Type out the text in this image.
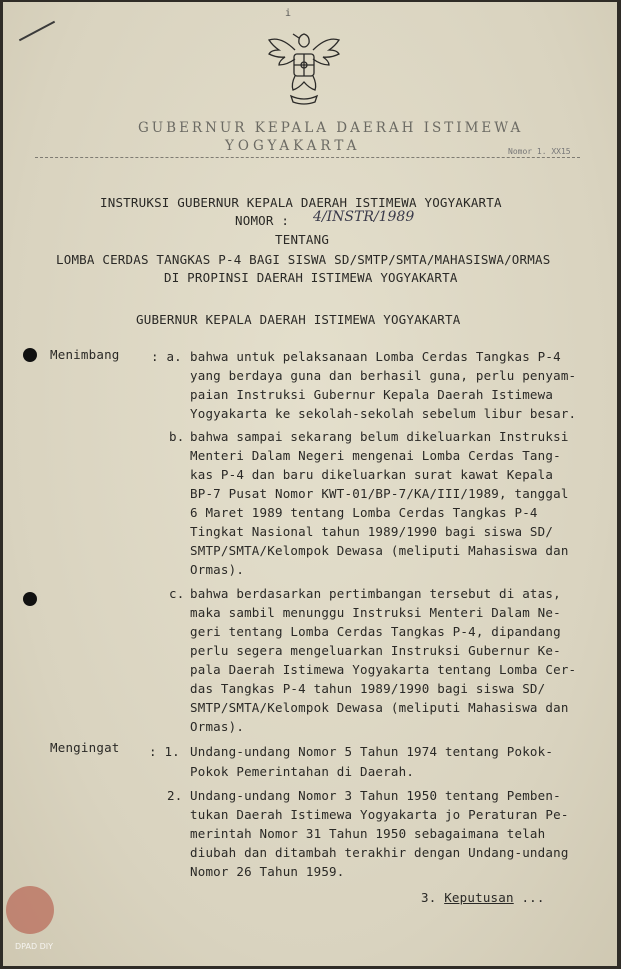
i
GUBERNUR KEPALA DAERAH ISTIMEWA
YOGYAKARTA	Nomor 1. XX15
INSTRUKSI GUBERNUR KEPALA DAERAH ISTIMEWA YOGYAKARTA
NOMOR : 4/INSTR/1989
TENTANG
LOMBA CERDAS TANGKAS P-4 BAGI SISWA SD/SMTP/SMTA/MAHASISWA/ORMAS
DI PROPINSI DAERAH ISTIMEWA YOGYAKARTA
GUBERNUR KEPALA DAERAH ISTIMEWA YOGYAKARTA
Menimbang	: a. bahwa untuk pelaksanaan Lomba Cerdas Tangkas P-4
yang berdaya guna dan berhasil guna, perlu penyam-
paian Instruksi Gubernur Kepala Daerah Istimewa
Yogyakarta ke sekolah-sekolah sebelum libur besar.
b. bahwa sampai sekarang belum dikeluarkan Instruksi
Menteri Dalam Negeri mengenai Lomba Cerdas Tang-
kas P-4 dan baru dikeluarkan surat kawat Kepala
BP-7 Pusat Nomor KWT-01/BP-7/KA/III/1989, tanggal
6 Maret 1989 tentang Lomba Cerdas Tangkas P-4
Tingkat Nasional tahun 1989/1990 bagi siswa SD/
SMTP/SMTA/Kelompok Dewasa (meliputi Mahasiswa dan
Ormas).
c. bahwa berdasarkan pertimbangan tersebut di atas,
maka sambil menunggu Instruksi Menteri Dalam Ne-
geri tentang Lomba Cerdas Tangkas P-4, dipandang
perlu segera mengeluarkan Instruksi Gubernur Ke-
pala Daerah Istimewa Yogyakarta tentang Lomba Cer-
das Tangkas P-4 tahun 1989/1990 bagi siswa SD/
SMTP/SMTA/Kelompok Dewasa (meliputi Mahasiswa dan
Ormas).
Mengingat : 1. Undang-undang Nomor 5 Tahun 1974 tentang Pokok-
Pokok Pemerintahan di Daerah.
2. Undang-undang Nomor 3 Tahun 1950 tentang Pemben-
tukan Daerah Istimewa Yogyakarta jo Peraturan Pe-
merintah Nomor 31 Tahun 1950 sebagaimana telah
diubah dan ditambah terakhir dengan Undang-undang
Nomor 26 Tahun 1959.
3. Keputusan ...
DPAD DIY
